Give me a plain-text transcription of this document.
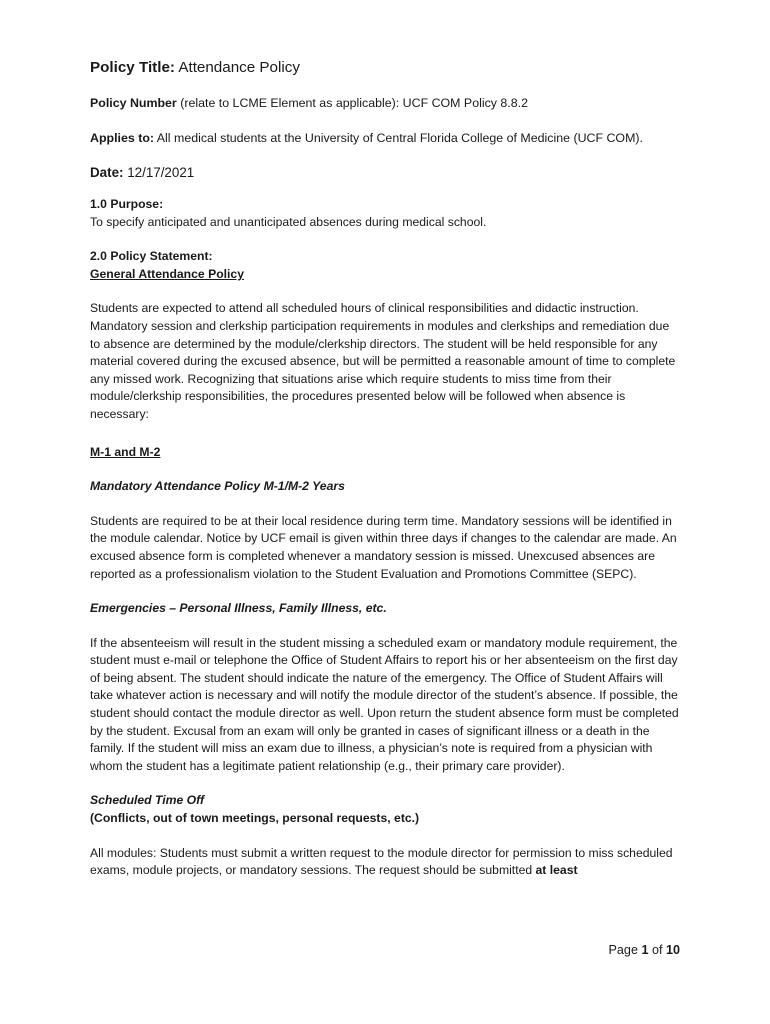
Policy Title: Attendance Policy

Policy Number (relate to LCME Element as applicable): UCF COM Policy 8.8.2

Applies to: All medical students at the University of Central Florida College of Medicine (UCF COM).

Date: 12/17/2021

1.0 Purpose:

To specify anticipated and unanticipated absences during medical school.

2.0 Policy Statement:

General Attendance Policy

Students are expected to attend all scheduled hours of clinical responsibilities and didactic instruction. Mandatory session and clerkship participation requirements in modules and clerkships and remediation due to absence are determined by the module/clerkship directors. The student will be held responsible for any material covered during the excused absence, but will be permitted a reasonable amount of time to complete any missed work. Recognizing that situations arise which require students to miss time from their module/clerkship responsibilities, the procedures presented below will be followed when absence is necessary:

M-1 and M-2

Mandatory Attendance Policy M-1/M-2 Years

Students are required to be at their local residence during term time. Mandatory sessions will be identified in the module calendar. Notice by UCF email is given within three days if changes to the calendar are made. An excused absence form is completed whenever a mandatory session is missed. Unexcused absences are reported as a professionalism violation to the Student Evaluation and Promotions Committee (SEPC).

Emergencies – Personal Illness, Family Illness, etc.

If the absenteeism will result in the student missing a scheduled exam or mandatory module requirement, the student must e-mail or telephone the Office of Student Affairs to report his or her absenteeism on the first day of being absent. The student should indicate the nature of the emergency. The Office of Student Affairs will take whatever action is necessary and will notify the module director of the student’s absence. If possible, the student should contact the module director as well. Upon return the student absence form must be completed by the student. Excusal from an exam will only be granted in cases of significant illness or a death in the family. If the student will miss an exam due to illness, a physician’s note is required from a physician with whom the student has a legitimate patient relationship (e.g., their primary care provider).

Scheduled Time Off

(Conflicts, out of town meetings, personal requests, etc.)

All modules: Students must submit a written request to the module director for permission to miss scheduled exams, module projects, or mandatory sessions. The request should be submitted at least

Page 1 of 10
